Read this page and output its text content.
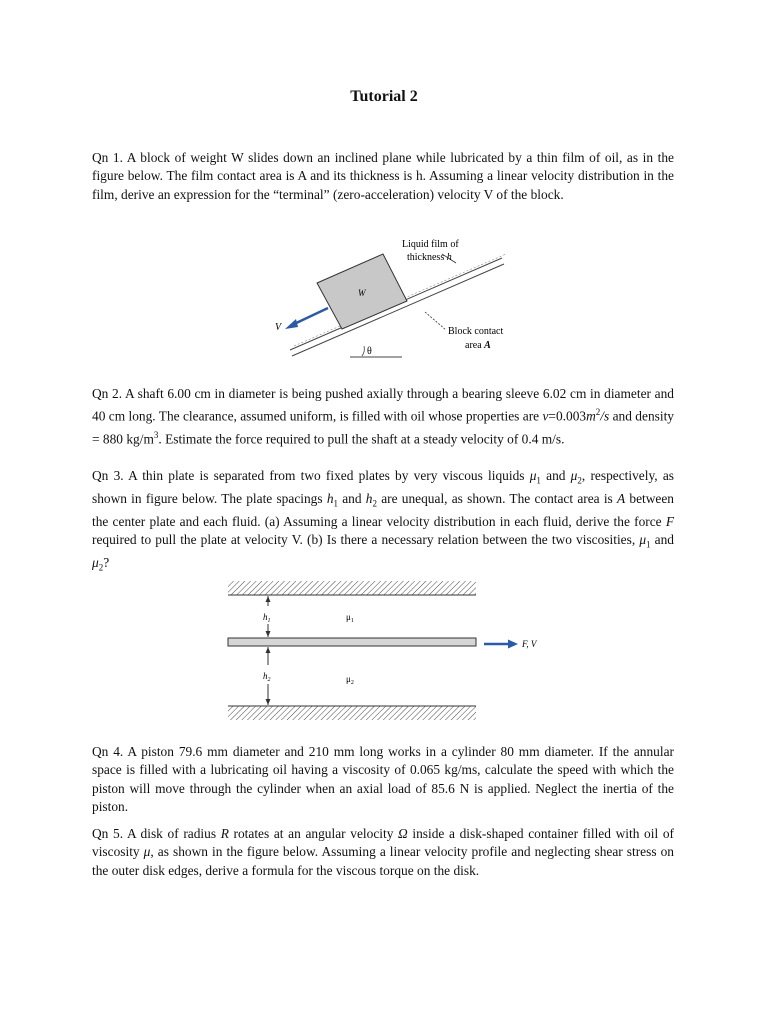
Tutorial 2

Qn 1. A block of weight W slides down an inclined plane while lubricated by a thin film of oil, as in the figure below. The film contact area is A and its thickness is h. Assuming a linear velocity distribution in the film, derive an expression for the “terminal” (zero-acceleration) velocity V of the block.

Liquid film of
thickness h
W
V	Block contact
area A
θ

Qn 2. A shaft 6.00 cm in diameter is being pushed axially through a bearing sleeve 6.02 cm in diameter and 40 cm long. The clearance, assumed uniform, is filled with oil whose properties are $\nu=0.003m^2/s$ and density = 880 $kg/m^3$. Estimate the force required to pull the shaft at a steady velocity of 0.4 m/s.

Qn 3. A thin plate is separated from two fixed plates by very viscous liquids $\mu_1$ and $\mu_2$, respectively, as shown in figure below. The plate spacings $h_1$ and $h_2$ are unequal, as shown. The contact area is A between the center plate and each fluid. (a) Assuming a linear velocity distribution in each fluid, derive the force F required to pull the plate at velocity V. (b) Is there a necessary relation between the two viscosities, $\mu_1$ and $\mu_2$?

$h_1$	$\mu_1$
F, V
$h_2$	$\mu_2$

Qn 4. A piston 79.6 mm diameter and 210 mm long works in a cylinder 80 mm diameter. If the annular space is filled with a lubricating oil having a viscosity of 0.065 kg/ms, calculate the speed with which the piston will move through the cylinder when an axial load of 85.6 N is applied. Neglect the inertia of the piston.

Qn 5. A disk of radius R rotates at an angular velocity Ω inside a disk-shaped container filled with oil of viscosity μ, as shown in the figure below. Assuming a linear velocity profile and neglecting shear stress on the outer disk edges, derive a formula for the viscous torque on the disk.
